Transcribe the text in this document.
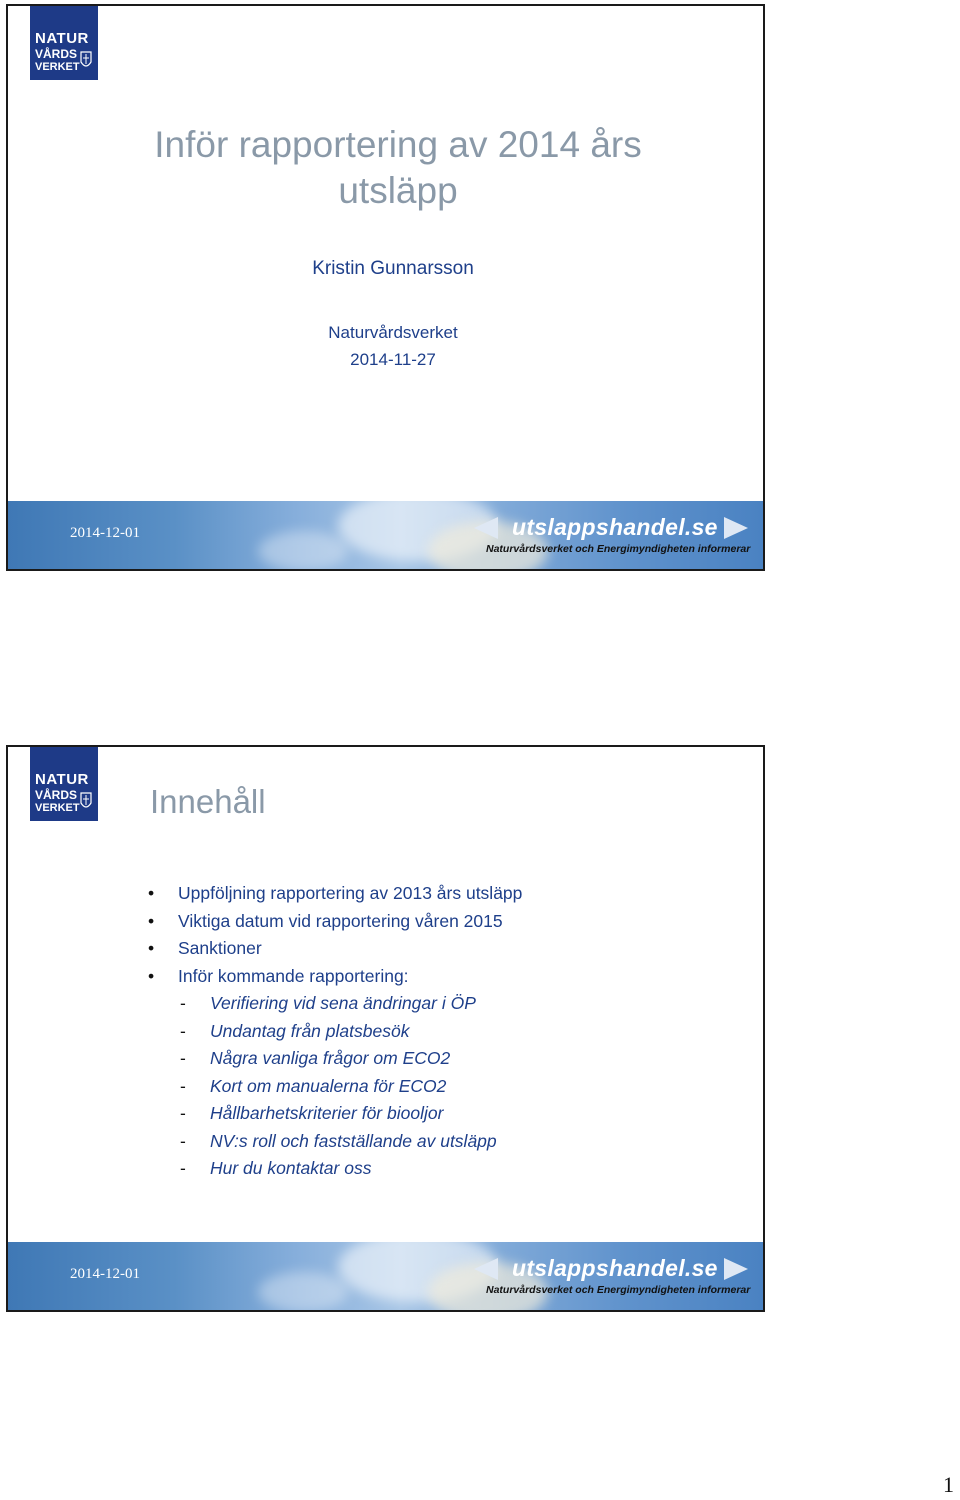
NATUR
VÅRDS
VERKET
Inför rapportering av 2014 års
utsläpp
Kristin Gunnarsson
Naturvårdsverket
2014-11-27
2014-12-01	utslappshandel.se
Naturvårdsverket och Energimyndigheten informerar
NATUR
VÅRDS
VERKET Innehåll
• Uppföljning rapportering av 2013 års utsläpp
• Viktiga datum vid rapportering våren 2015
• Sanktioner
• Inför kommande rapportering:
- Verifiering vid sena ändringar i ÖP
- Undantag från platsbesök
- Några vanliga frågor om ECO2
- Kort om manualerna för ECO2
- Hållbarhetskriterier för biooljor
- NV:s roll och fastställande av utsläpp
- Hur du kontaktar oss
2014-12-01	utslappshandel.se
Naturvårdsverket och Energimyndigheten informerar
1
